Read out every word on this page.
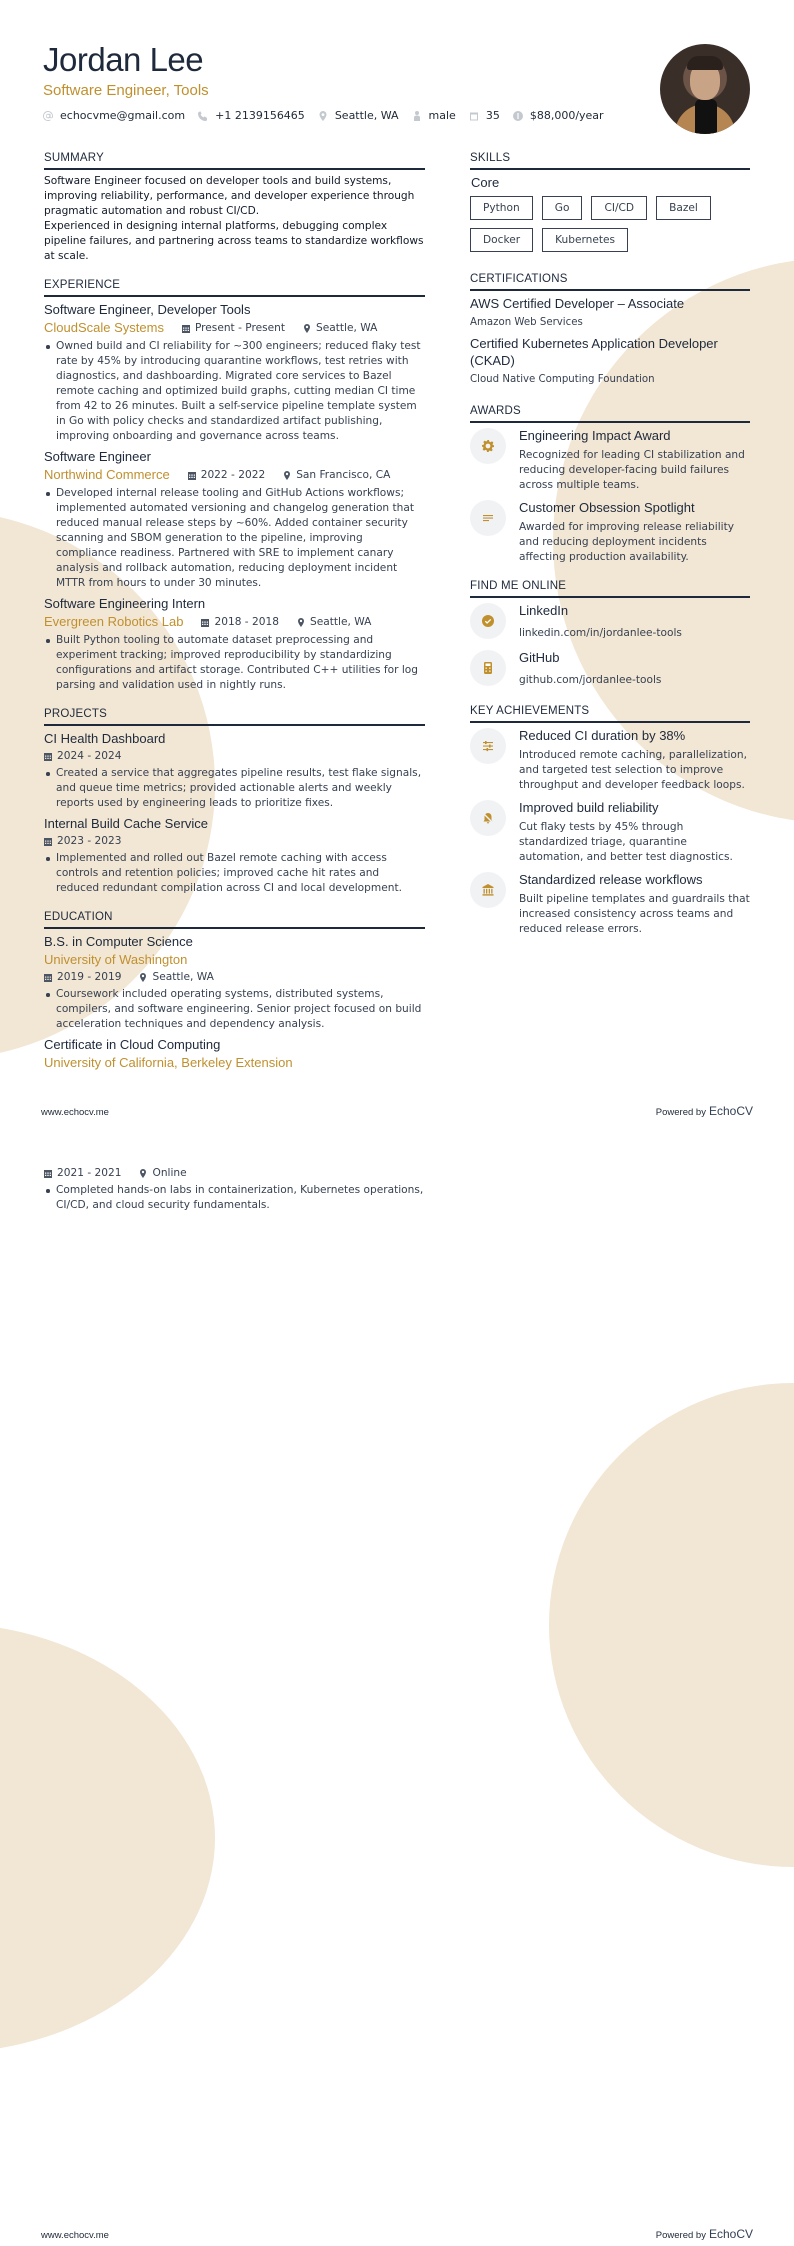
Jordan Lee
Software Engineer, Tools
echocvme@gmail.com	+1 2139156465	Seattle, WA	male	35	$88,000/year
SUMMARY

Software Engineer focused on developer tools and build systems, improving reliability, performance, and developer experience through pragmatic automation and robust CI/CD.

Experienced in designing internal platforms, debugging complex pipeline failures, and partnering across teams to standardize workflows at scale.

EXPERIENCE
Software Engineer, Developer Tools
CloudScale Systems	Present - Present	Seattle, WA
Owned build and CI reliability for ~300 engineers; reduced flaky test rate by 45% by introducing quarantine workflows, test retries with diagnostics, and dashboarding. Migrated core services to Bazel remote caching and optimized build graphs, cutting median CI time from 42 to 26 minutes. Built a self-service pipeline template system in Go with policy checks and standardized artifact publishing, improving onboarding and governance across teams.
Software Engineer
Northwind Commerce	2022 - 2022	San Francisco, CA
Developed internal release tooling and GitHub Actions workflows; implemented automated versioning and changelog generation that reduced manual release steps by ~60%. Added container security scanning and SBOM generation to the pipeline, improving compliance readiness. Partnered with SRE to implement canary analysis and rollback automation, reducing deployment incident MTTR from hours to under 30 minutes.
Software Engineering Intern
Evergreen Robotics Lab	2018 - 2018	Seattle, WA
Built Python tooling to automate dataset preprocessing and experiment tracking; improved reproducibility by standardizing configurations and artifact storage. Contributed C++ utilities for log parsing and validation used in nightly runs.
PROJECTS
CI Health Dashboard
2024 - 2024
Created a service that aggregates pipeline results, test flake signals, and queue time metrics; provided actionable alerts and weekly reports used by engineering leads to prioritize fixes.
Internal Build Cache Service
2023 - 2023
Implemented and rolled out Bazel remote caching with access controls and retention policies; improved cache hit rates and reduced redundant compilation across CI and local development.
EDUCATION
B.S. in Computer Science
University of Washington
2019 - 2019	Seattle, WA
Coursework included operating systems, distributed systems, compilers, and software engineering. Senior project focused on build acceleration techniques and dependency analysis.
Certificate in Cloud Computing
University of California, Berkeley Extension
SKILLS
Core
Python	Go	CI/CD	Bazel
Docker	Kubernetes
CERTIFICATIONS
AWS Certified Developer – Associate
Amazon Web Services
Certified Kubernetes Application Developer (CKAD)
Cloud Native Computing Foundation
AWARDS
Engineering Impact Award
Recognized for leading CI stabilization and reducing developer-facing build failures across multiple teams.
Customer Obsession Spotlight
Awarded for improving release reliability and reducing deployment incidents affecting production availability.
FIND ME ONLINE
LinkedIn
linkedin.com/in/jordanlee-tools
GitHub
github.com/jordanlee-tools
KEY ACHIEVEMENTS
Reduced CI duration by 38%
Introduced remote caching, parallelization, and targeted test selection to improve throughput and developer feedback loops.
Improved build reliability
Cut flaky tests by 45% through standardized triage, quarantine automation, and better test diagnostics.
Standardized release workflows
Built pipeline templates and guardrails that increased consistency across teams and reduced release errors.
www.echocv.me	Powered by EchoCV
2021 - 2021	Online
Completed hands-on labs in containerization, Kubernetes operations, CI/CD, and cloud security fundamentals.
www.echocv.me	Powered by EchoCV
